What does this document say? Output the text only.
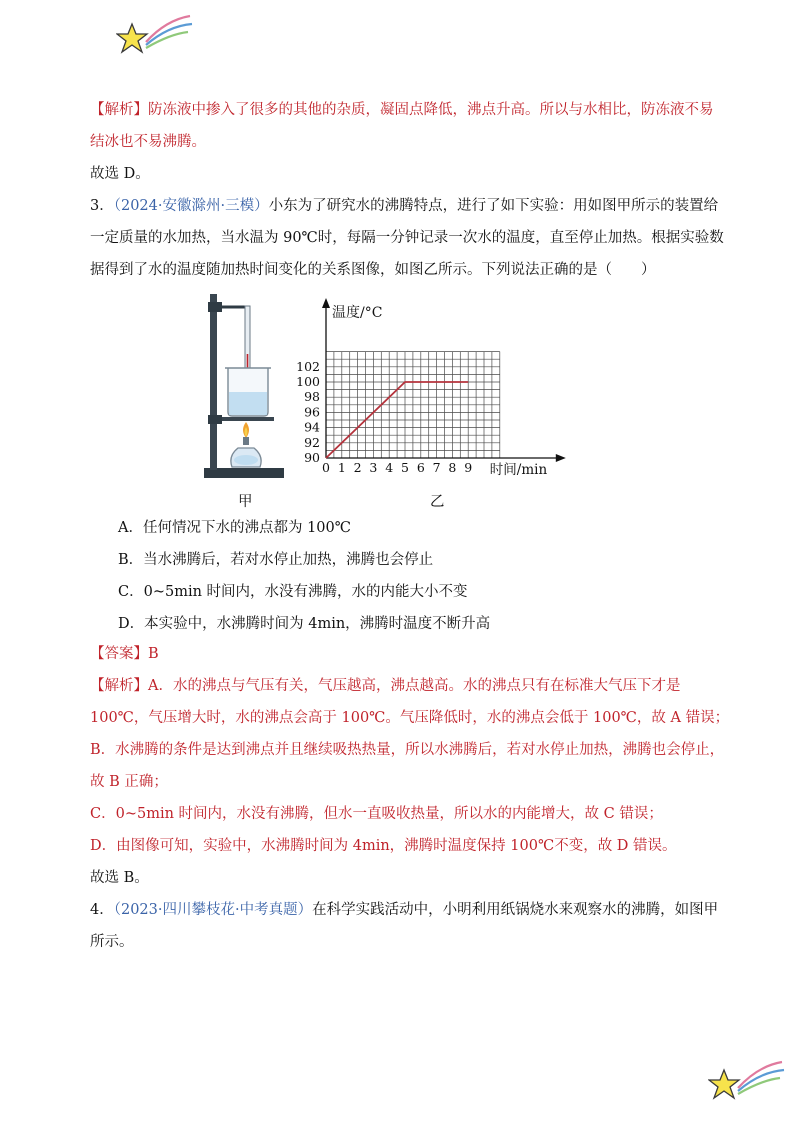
【解析】防冻液中掺入了很多的其他的杂质，凝固点降低，沸点升高。所以与水相比，防冻液不易
结冰也不易沸腾。
故选 D。
3．（2024·安徽滁州·三模）小东为了研究水的沸腾特点，进行了如下实验：用如图甲所示的装置给
一定质量的水加热，当水温为 90℃时，每隔一分钟记录一次水的温度，直至停止加热。根据实验数
据得到了水的温度随加热时间变化的关系图像，如图乙所示。下列说法正确的是（　　）
甲
0 1 2 3 4 5 6 7 8 9
90
92
94
96
98
100
102
温度/°C
时间/min
乙
A．任何情况下水的沸点都为 100℃
B．当水沸腾后，若对水停止加热，沸腾也会停止
C．0~5min 时间内，水没有沸腾，水的内能大小不变
D．本实验中，水沸腾时间为 4min，沸腾时温度不断升高
【答案】B
【解析】A．水的沸点与气压有关，气压越高，沸点越高。水的沸点只有在标准大气压下才是
100℃，气压增大时，水的沸点会高于 100℃。气压降低时，水的沸点会低于 100℃，故 A 错误；
B．水沸腾的条件是达到沸点并且继续吸热热量，所以水沸腾后，若对水停止加热，沸腾也会停止，
故 B 正确；
C．0~5min 时间内，水没有沸腾，但水一直吸收热量，所以水的内能增大，故 C 错误；
D．由图像可知，实验中，水沸腾时间为 4min，沸腾时温度保持 100℃不变，故 D 错误。
故选 B。
4．（2023·四川攀枝花·中考真题）在科学实践活动中，小明利用纸锅烧水来观察水的沸腾，如图甲
所示。
